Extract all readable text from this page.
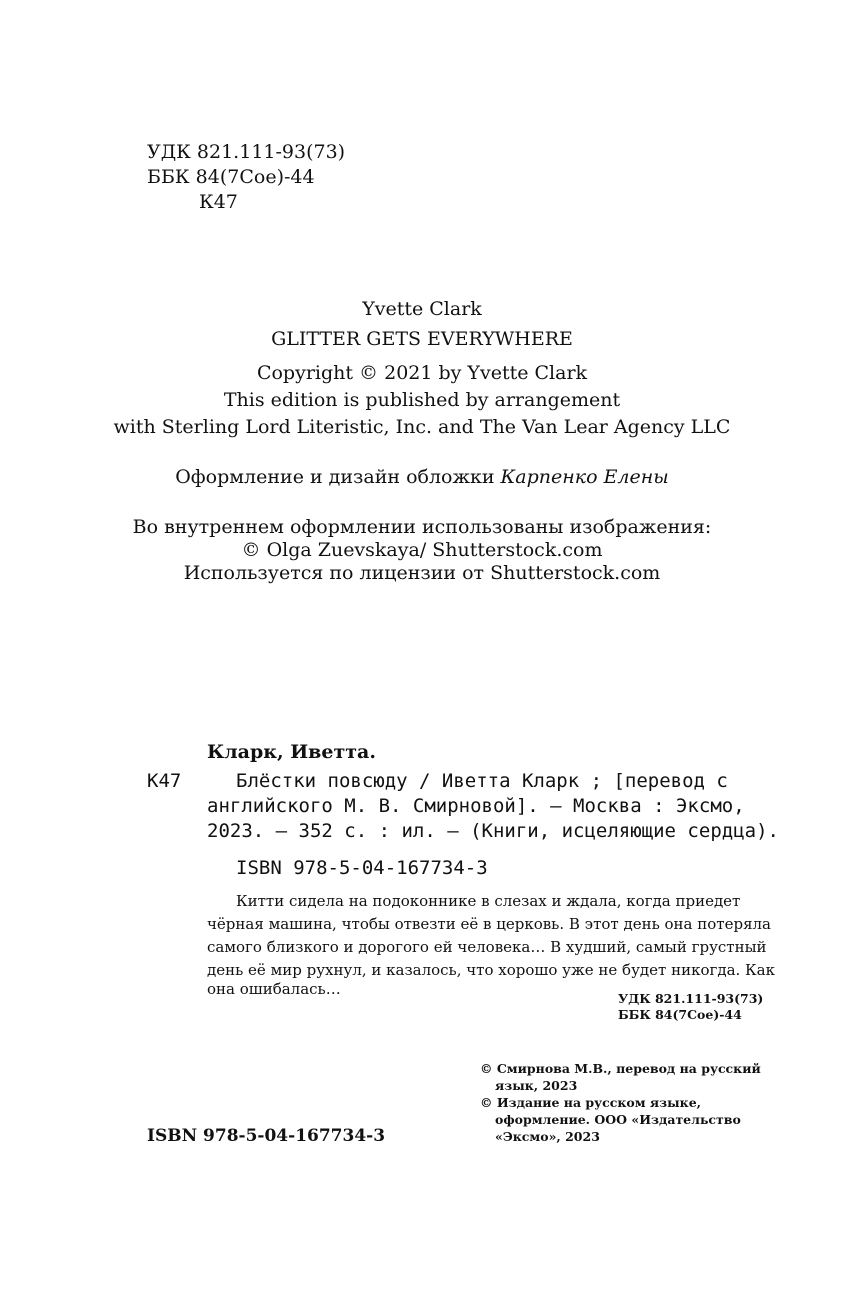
УДК 821.111-93(73)
ББК 84(7Сое)-44
К47
Yvette Clark
GLITTER GETS EVERYWHERE
Copyright © 2021 by Yvette Clark
This edition is published by arrangement
with Sterling Lord Literistic, Inc. and The Van Lear Agency LLC
Оформление и дизайн обложки Карпенко Елены
Во внутреннем оформлении использованы изображения:
© Olga Zuevskaya/ Shutterstock.com
Используется по лицензии от Shutterstock.com
Кларк, Иветта.
К47	Блёстки повсюду / Иветта Кларк ; [перевод с
английского М. В. Смирновой]. — Москва : Эксмо,
2023. — 352 с. : ил. — (Книги, исцеляющие сердца).
ISBN 978-5-04-167734-3
Китти сидела на подоконнике в слезах и ждала, когда приедет
чёрная машина, чтобы отвезти её в церковь. В этот день она потеряла
самого близкого и дорогого ей человека… В худший, самый грустный
день её мир рухнул, и казалось, что хорошо уже не будет никогда. Как
она ошибалась…
УДК 821.111-93(73)
ББК 84(7Сое)-44
© Смирнова М.В., перевод на русский
язык, 2023
© Издание на русском языке,
оформление. ООО «Издательство
«Эксмо», 2023
ISBN 978-5-04-167734-3
